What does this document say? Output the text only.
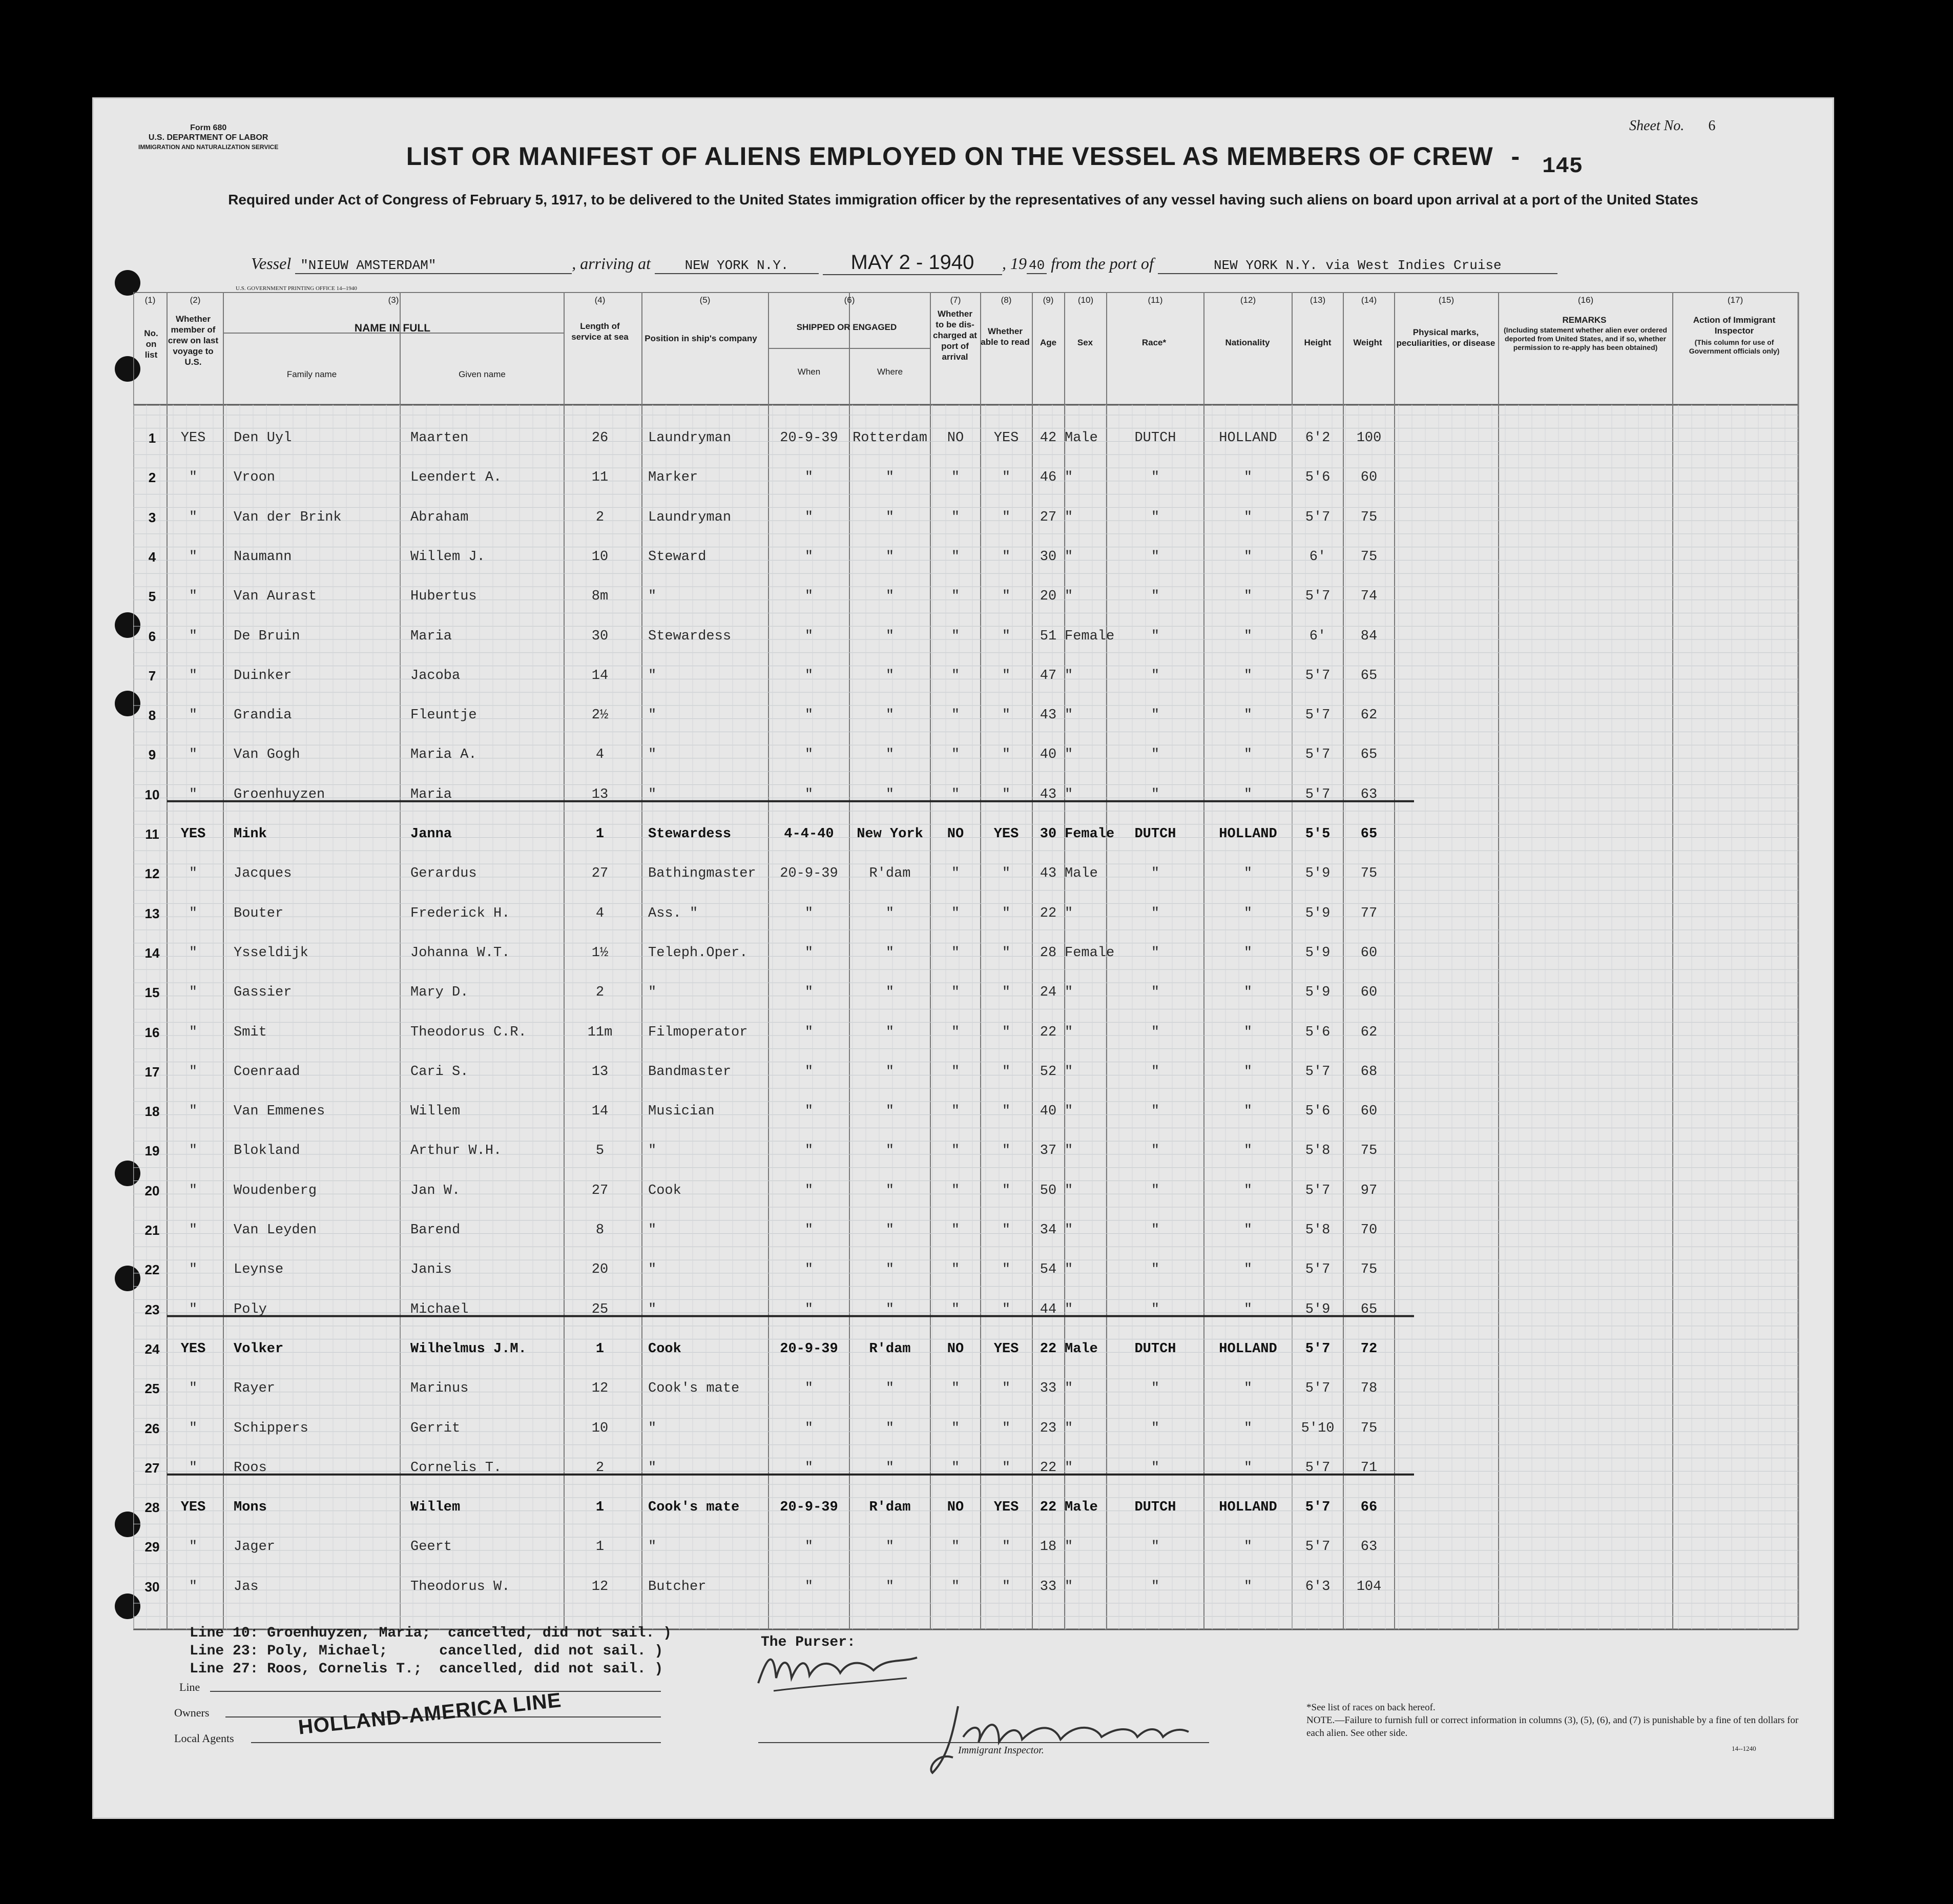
Form 680
U.S. DEPARTMENT OF LABOR
IMMIGRATION AND NATURALIZATION SERVICE
Sheet No. 6
LIST OR MANIFEST OF ALIENS EMPLOYED ON THE VESSEL AS MEMBERS OF CREW - 145
Required under Act of Congress of February 5, 1917, to be delivered to the United States immigration officer by the representatives of any vessel having such aliens on board upon arrival at a port of the United States
Vessel "NIEUW AMSTERDAM"	, arriving at	NEW YORK N.Y.	MAY 2 - 1940 , 19 40 from the port of	NEW YORK N.Y. via West Indies Cruise
U.S. GOVERNMENT PRINTING OFFICE 14--1940
(1)	(2)	(3)	(4)	(5)	(6)	(7)	(8)	(9)	(10)	(11)	(12)	(13)	(14)	(15)	(16)	(17)
No. on list
Whether member of crew on last voyage to U.S.
NAME IN FULL
Family name	Given name
Length of service at sea	Position in ship's company
SHIPPED OR ENGAGED
When	Where
Whether to be dis-charged at port of arrival
Whether able to read	Age	Sex	Race*	Nationality	Height	Weight
Physical marks, peculiarities, or disease
REMARKS
(Including statement whether alien ever ordered deported from United States, and if so, whether permission to re-apply has been obtained)
Action of Immigrant Inspector
(This column for use of Government officials only)
1	YES	Den Uyl	Maarten	26	Laundryman	20-9-39	Rotterdam	NO	YES	42 Male	DUTCH	HOLLAND	6'2	100
2	"	Vroon	Leendert A.	11	Marker	"	"	"	"	46 "	"	"	5'6	60
3	"	Van der Brink	Abraham	2	Laundryman	"	"	"	"	27 "	"	"	5'7	75
4	"	Naumann	Willem J.	10	Steward	"	"	"	"	30 "	"	"	6'	75
5	"	Van Aurast	Hubertus	8m	"	"	"	"	"	20 "	"	"	5'7	74
6	"	De Bruin	Maria	30	Stewardess	"	"	"	"	51 Female	"	"	6'	84
7	"	Duinker	Jacoba	14	"	"	"	"	"	47 "	"	"	5'7	65
8	"	Grandia	Fleuntje	2½	"	"	"	"	"	43 "	"	"	5'7	62
9	"	Van Gogh	Maria A.	4	"	"	"	"	"	40 "	"	"	5'7	65
10	"	Groenhuyzen	Maria	13	"	"	"	"	"	43 "	"	"	5'7	63
11	YES	Mink	Janna	1	Stewardess	4-4-40	New York	NO	YES	30 Female	DUTCH	HOLLAND	5'5	65
12	"	Jacques	Gerardus	27	Bathingmaster	20-9-39	R'dam	"	"	43 Male	"	"	5'9	75
13	"	Bouter	Frederick H.	4	Ass. "	"	"	"	"	22 "	"	"	5'9	77
14	"	Ysseldijk	Johanna W.T.	1½	Teleph.Oper.	"	"	"	"	28 Female	"	"	5'9	60
15	"	Gassier	Mary D.	2	"	"	"	"	"	24 "	"	"	5'9	60
16	"	Smit	Theodorus C.R.	11m	Filmoperator	"	"	"	"	22 "	"	"	5'6	62
17	"	Coenraad	Cari S.	13	Bandmaster	"	"	"	"	52 "	"	"	5'7	68
18	"	Van Emmenes	Willem	14	Musician	"	"	"	"	40 "	"	"	5'6	60
19	"	Blokland	Arthur W.H.	5	"	"	"	"	"	37 "	"	"	5'8	75
20	"	Woudenberg	Jan W.	27	Cook	"	"	"	"	50 "	"	"	5'7	97
21	"	Van Leyden	Barend	8	"	"	"	"	"	34 "	"	"	5'8	70
22	"	Leynse	Janis	20	"	"	"	"	"	54 "	"	"	5'7	75
23	"	Poly	Michael	25	"	"	"	"	"	44 "	"	"	5'9	65
24	YES	Volker	Wilhelmus J.M.	1	Cook	20-9-39	R'dam	NO	YES	22 Male	DUTCH	HOLLAND	5'7	72
25	"	Rayer	Marinus	12	Cook's mate	"	"	"	"	33 "	"	"	5'7	78
26	"	Schippers	Gerrit	10	"	"	"	"	"	23 "	"	"	5'10	75
27	"	Roos	Cornelis T.	2	"	"	"	"	"	22 "	"	"	5'7	71
28	YES	Mons	Willem	1	Cook's mate	20-9-39	R'dam	NO	YES	22 Male	DUTCH	HOLLAND	5'7	66
29	"	Jager	Geert	1	"	"	"	"	"	18 "	"	"	5'7	63
30	"	Jas	Theodorus W.	12	Butcher	"	"	"	"	33 "	"	"	6'3	104
Line 10: Groenhuyzen, Maria;  cancelled, did not sail. )
Line 23: Poly, Michael;      cancelled, did not sail. )
Line 27: Roos, Cornelis T.;  cancelled, did not sail. )
The Purser:
Line
Owners
Local Agents	HOLLAND-AMERICA LINE
Immigrant Inspector.
*See list of races on back hereof.
NOTE.—Failure to furnish full or correct information in columns (3), (5), (6), and (7) is punishable by a fine of ten dollars for each alien. See other side.
14--1240
